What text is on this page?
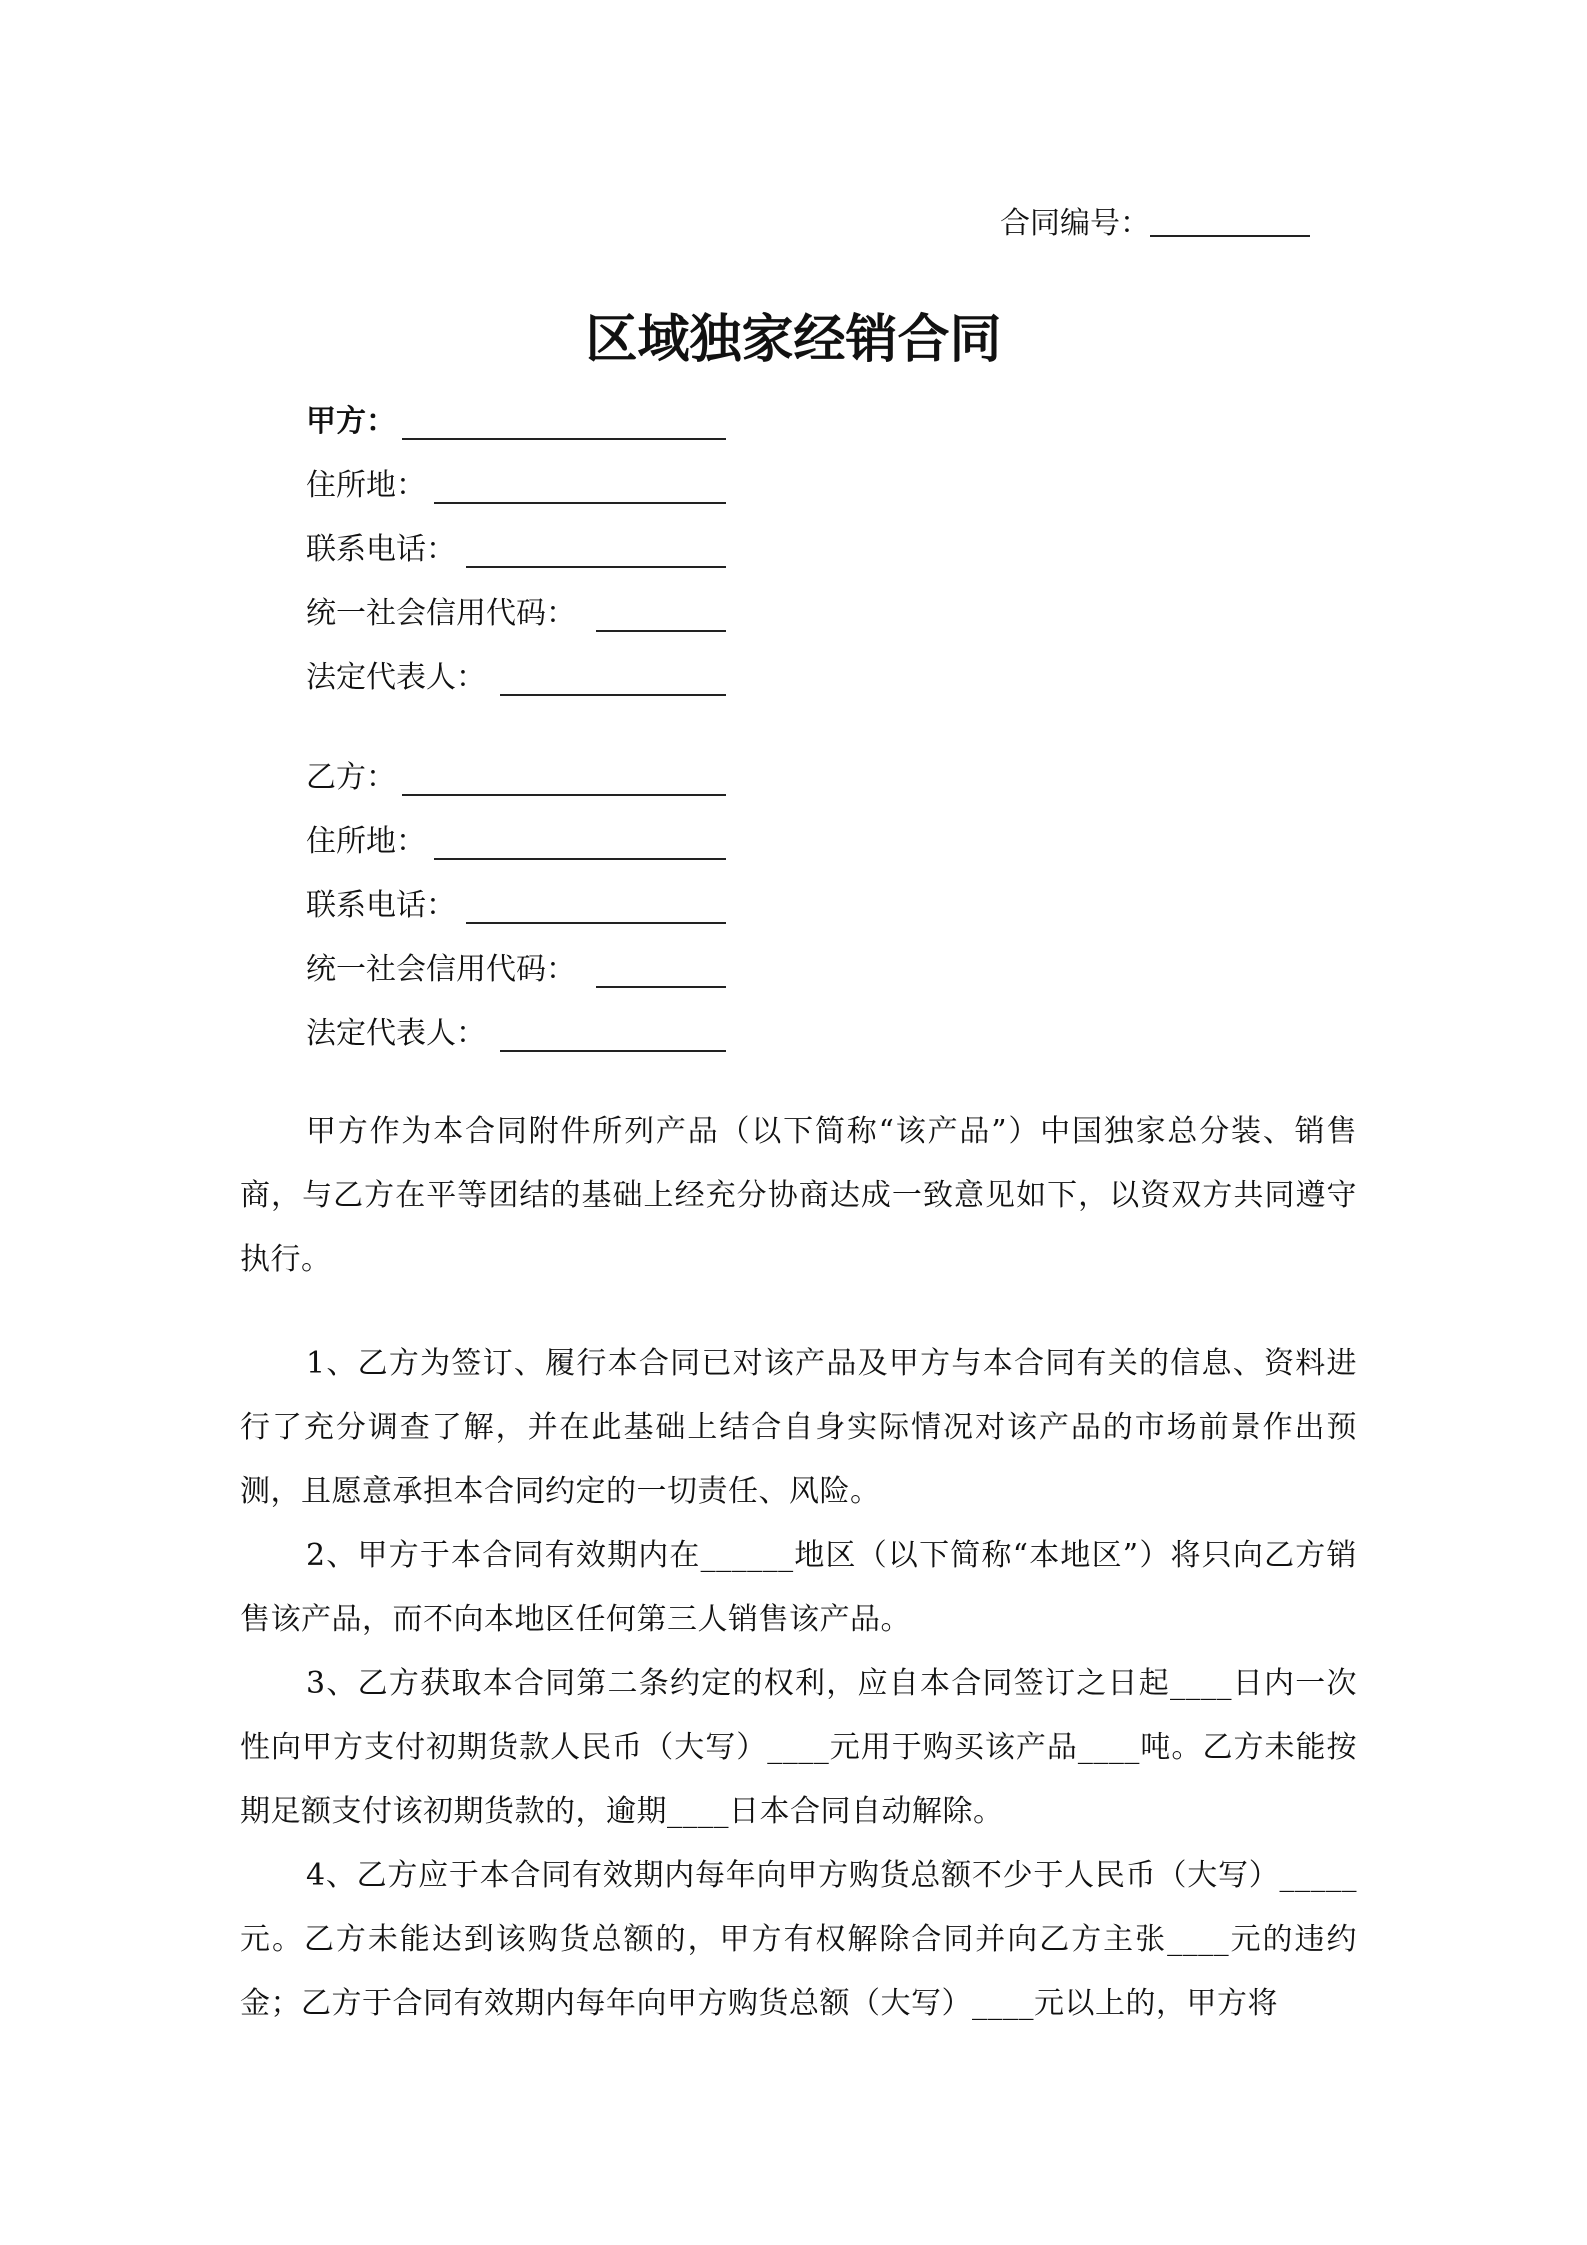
合同编号：
区域独家经销合同
甲方：
住所地：
联系电话：
统一社会信用代码：
法定代表人：
乙方：
住所地：
联系电话：
统一社会信用代码：
法定代表人：

甲方作为本合同附件所列产品（以下简称“该产品”）中国独家总分装、销售商，与乙方在平等团结的基础上经充分协商达成一致意见如下，以资双方共同遵守执行。

1、乙方为签订、履行本合同已对该产品及甲方与本合同有关的信息、资料进行了充分调查了解，并在此基础上结合自身实际情况对该产品的市场前景作出预测，且愿意承担本合同约定的一切责任、风险。

2、甲方于本合同有效期内在______地区（以下简称“本地区”）将只向乙方销售该产品，而不向本地区任何第三人销售该产品。

3、乙方获取本合同第二条约定的权利，应自本合同签订之日起____日内一次性向甲方支付初期货款人民币（大写）____元用于购买该产品____吨。乙方未能按期足额支付该初期货款的，逾期____日本合同自动解除。

4、乙方应于本合同有效期内每年向甲方购货总额不少于人民币（大写）_____元。乙方未能达到该购货总额的，甲方有权解除合同并向乙方主张____元的违约金；乙方于合同有效期内每年向甲方购货总额（大写）____元以上的，甲方将
